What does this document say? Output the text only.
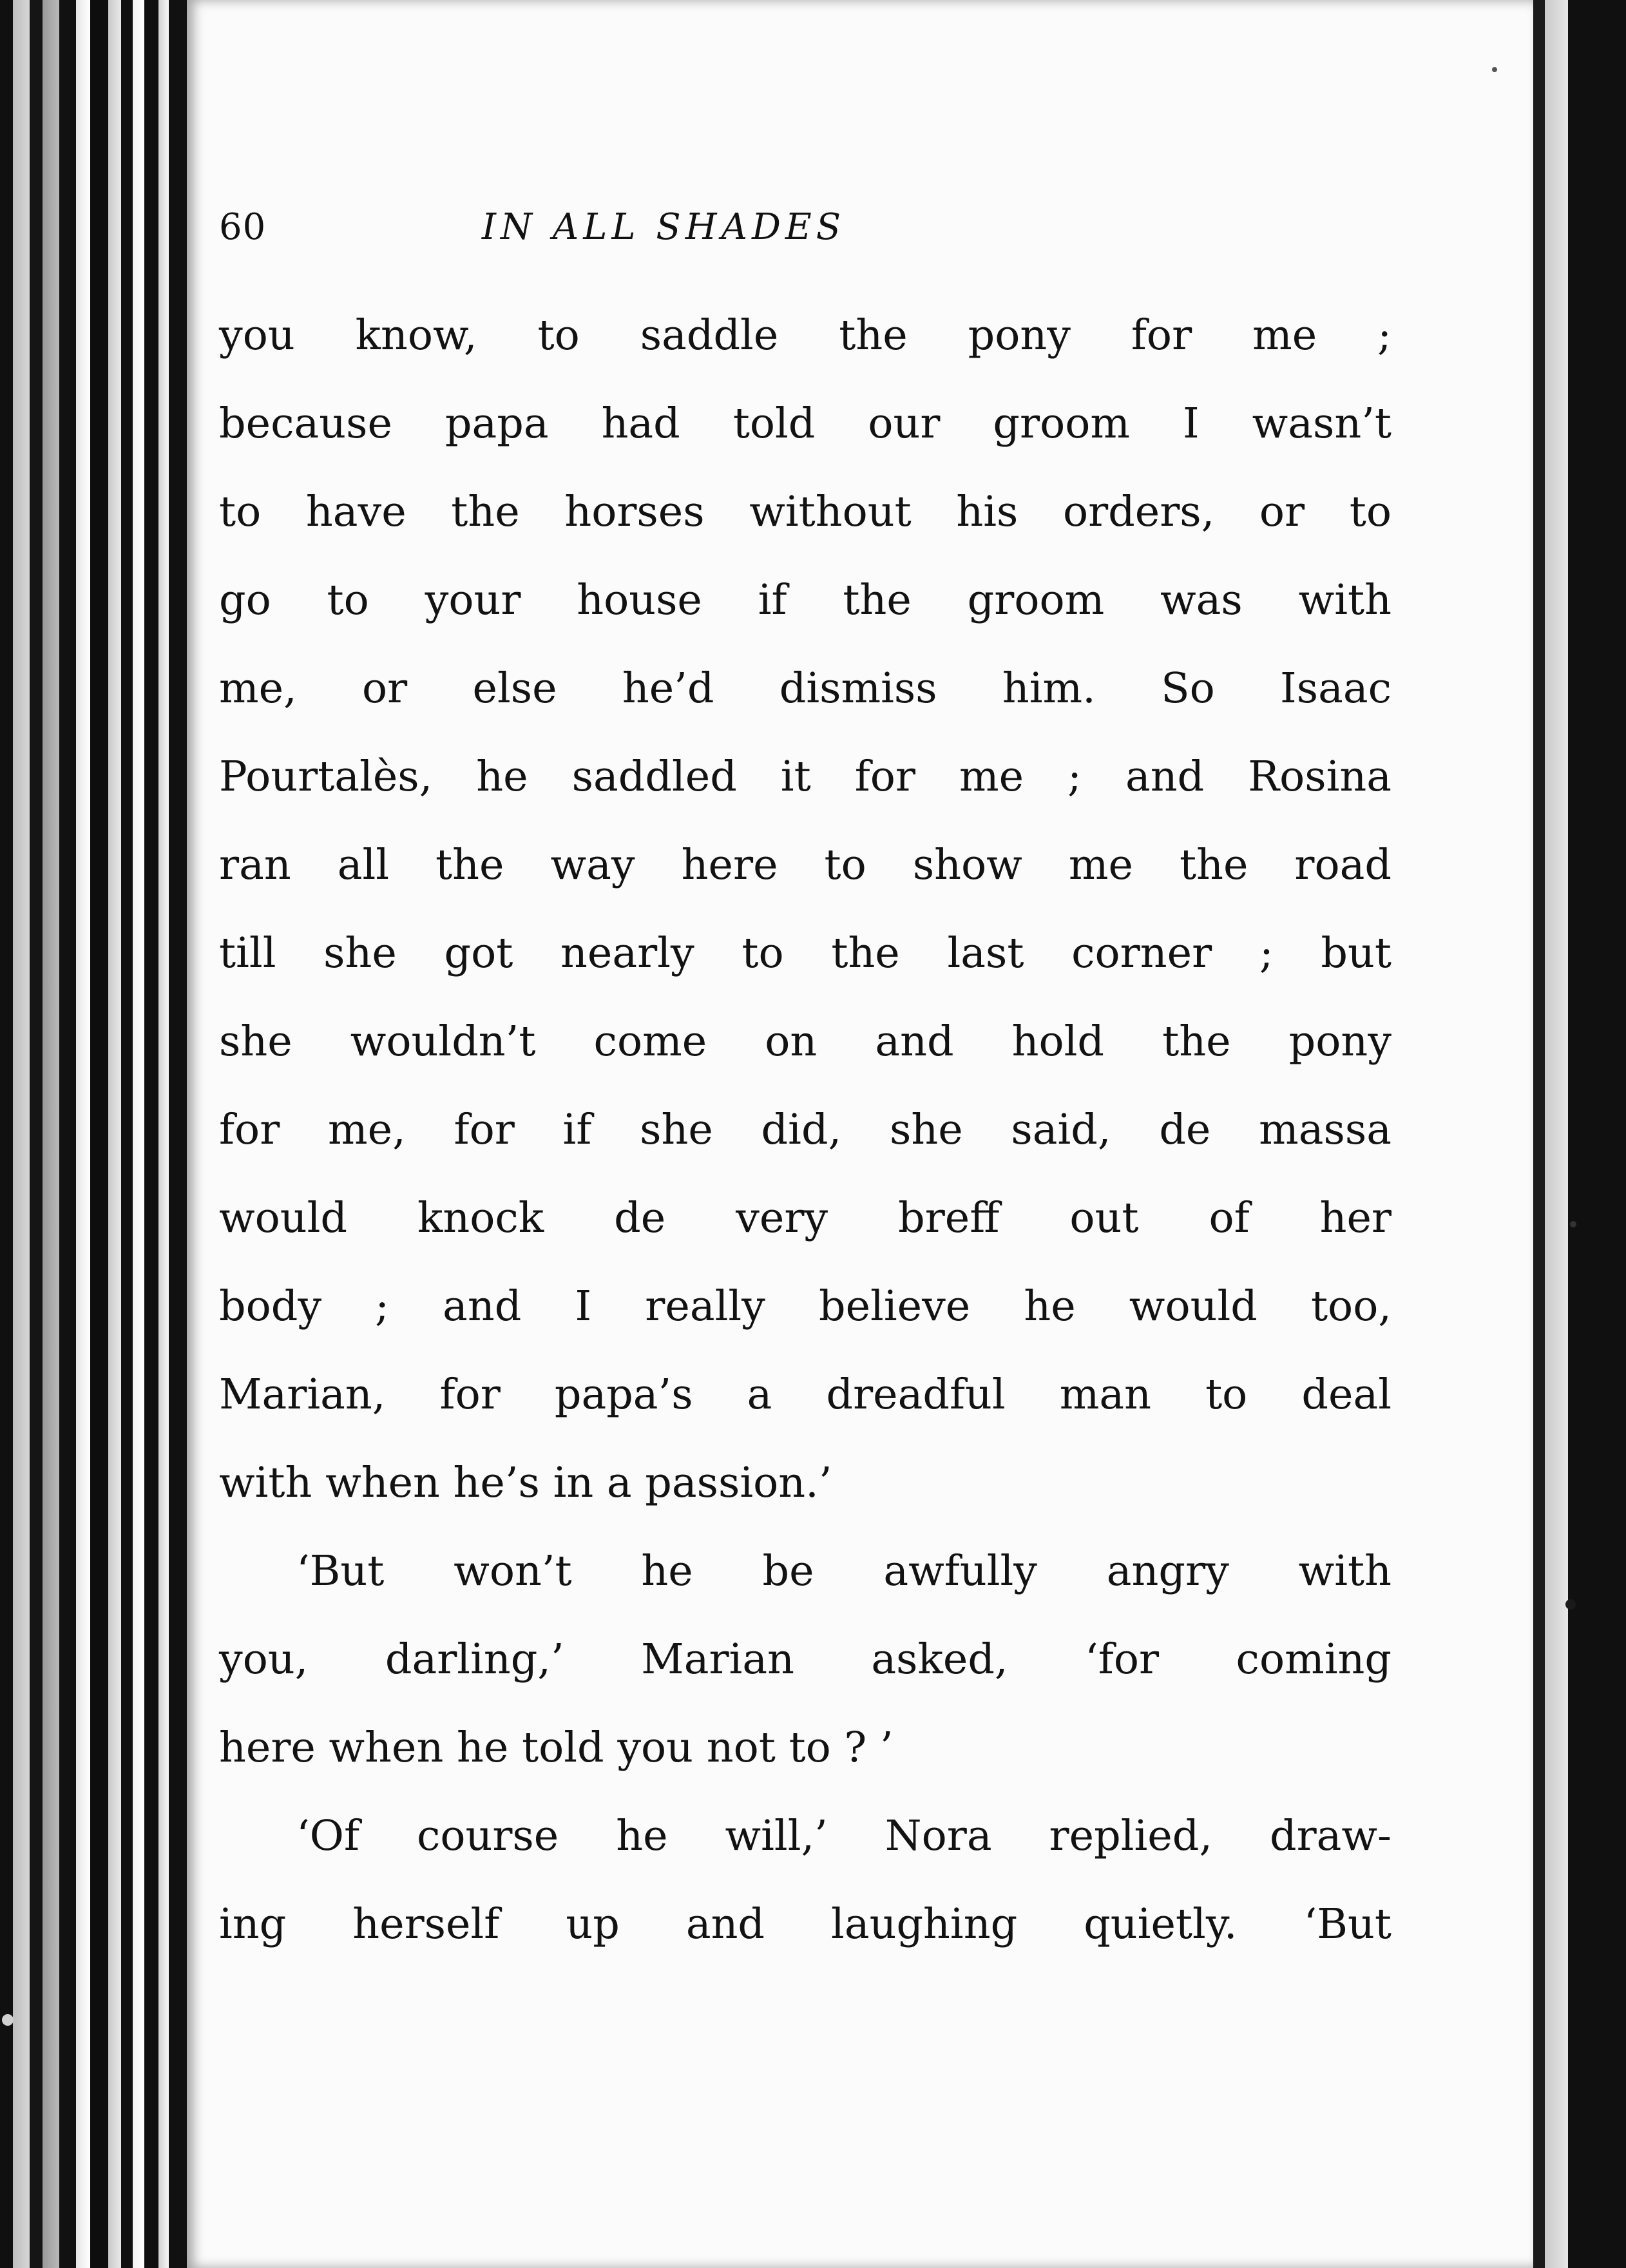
60	IN ALL SHADES
you know, to saddle the pony for me ;
because papa had told our groom I wasn’t
to have the horses without his orders, or to
go to your house if the groom was with
me, or else he’d dismiss him. So Isaac
Pourtalès, he saddled it for me ; and Rosina
ran all the way here to show me the road
till she got nearly to the last corner ; but
she wouldn’t come on and hold the pony
for me, for if she did, she said, de massa
would knock de very breff out of her
body ; and I really believe he would too,
Marian, for papa’s a dreadful man to deal
with when he’s in a passion.’
‘But won’t he be awfully angry with
you, darling,’ Marian asked, ‘for coming
here when he told you not to ? ’
‘Of course he will,’ Nora replied, draw-
ing herself up and laughing quietly. ‘But
